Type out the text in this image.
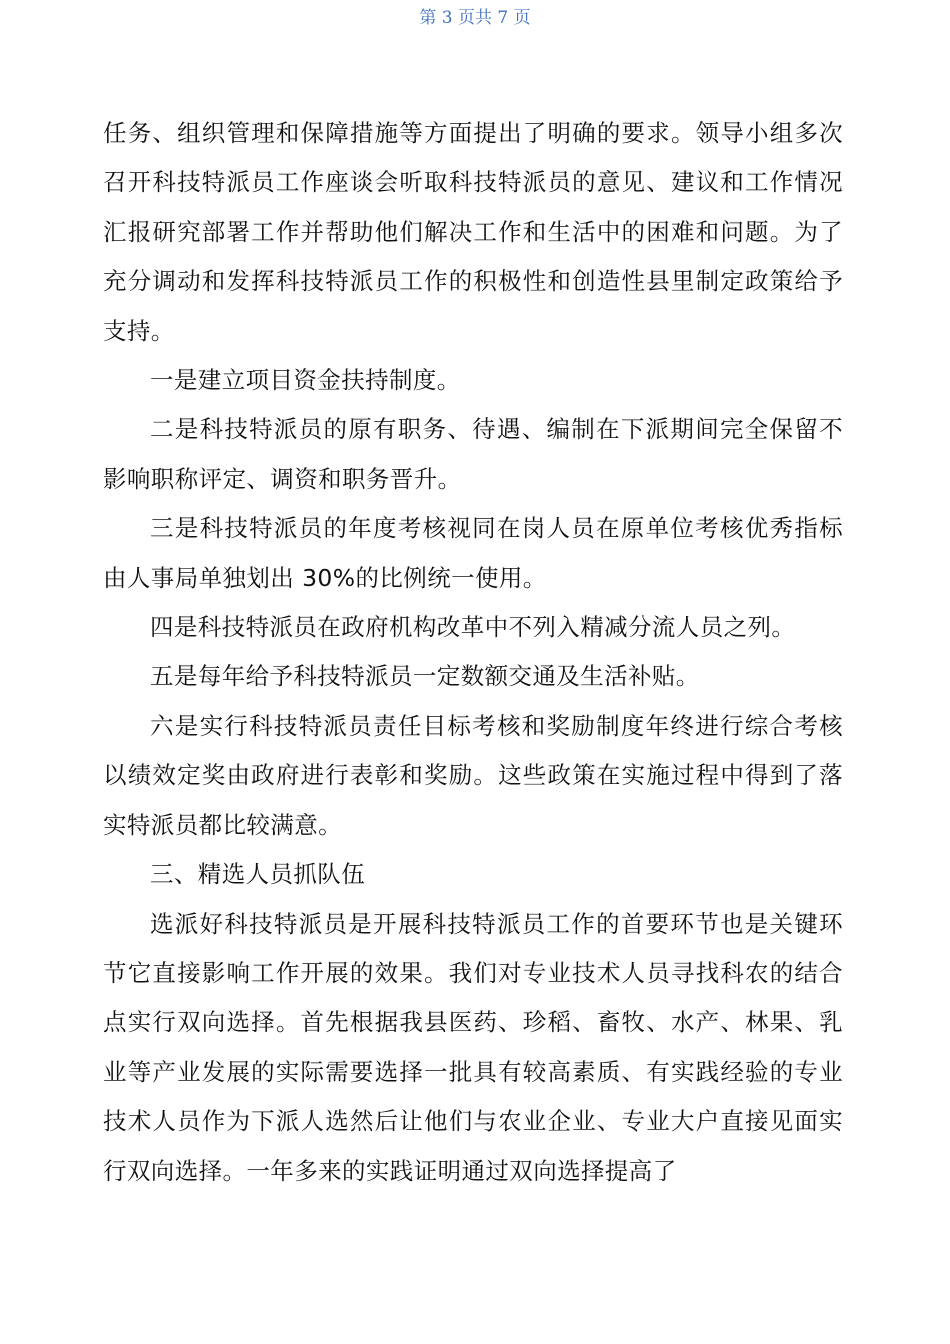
第 3 页共 7 页

任务、组织管理和保障措施等方面提出了明确的要求。领导小组多次召开科技特派员工作座谈会听取科技特派员的意见、建议和工作情况汇报研究部署工作并帮助他们解决工作和生活中的困难和问题。为了充分调动和发挥科技特派员工作的积极性和创造性县里制定政策给予支持。

一是建立项目资金扶持制度。

二是科技特派员的原有职务、待遇、编制在下派期间完全保留不影响职称评定、调资和职务晋升。

三是科技特派员的年度考核视同在岗人员在原单位考核优秀指标由人事局单独划出 30%的比例统一使用。

四是科技特派员在政府机构改革中不列入精减分流人员之列。

五是每年给予科技特派员一定数额交通及生活补贴。

六是实行科技特派员责任目标考核和奖励制度年终进行综合考核以绩效定奖由政府进行表彰和奖励。这些政策在实施过程中得到了落实特派员都比较满意。

三、精选人员抓队伍

选派好科技特派员是开展科技特派员工作的首要环节也是关键环节它直接影响工作开展的效果。我们对专业技术人员寻找科农的结合点实行双向选择。首先根据我县医药、珍稻、畜牧、水产、林果、乳业等产业发展的实际需要选择一批具有较高素质、有实践经验的专业技术人员作为下派人选然后让他们与农业企业、专业大户直接见面实行双向选择。一年多来的实践证明通过双向选择提高了
